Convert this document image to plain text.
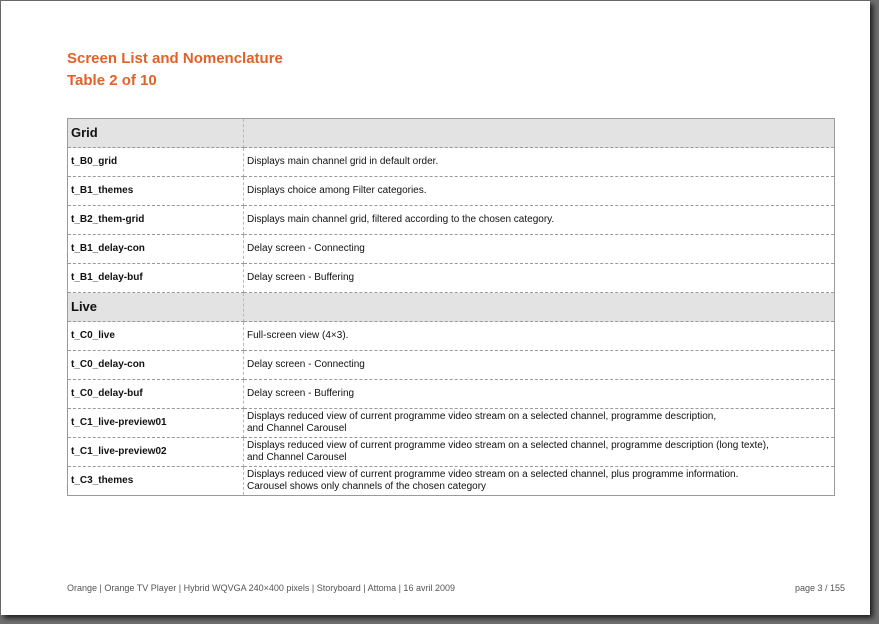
Screen List and Nomenclature
Table 2 of 10
Grid	
t_B0_grid	Displays main channel grid in default order.
t_B1_themes	Displays choice among Filter categories.
t_B2_them-grid	Displays main channel grid, filtered according to the chosen category.
t_B1_delay-con	Delay screen - Connecting
t_B1_delay-buf	Delay screen - Buffering
Live	
t_C0_live	Full-screen view (4×3).
t_C0_delay-con	Delay screen - Connecting
t_C0_delay-buf	Delay screen - Buffering
t_C1_live-preview01	Displays reduced view of current programme video stream on a selected channel, programme description,
and Channel Carousel
t_C1_live-preview02	Displays reduced view of current programme video stream on a selected channel, programme description (long texte),
and Channel Carousel
t_C3_themes	Displays reduced view of current programme video stream on a selected channel, plus programme information.
Carousel shows only channels of the chosen category
Orange | Orange TV Player | Hybrid WQVGA 240×400 pixels | Storyboard | Attoma | 16 avril 2009	page 3 / 155
